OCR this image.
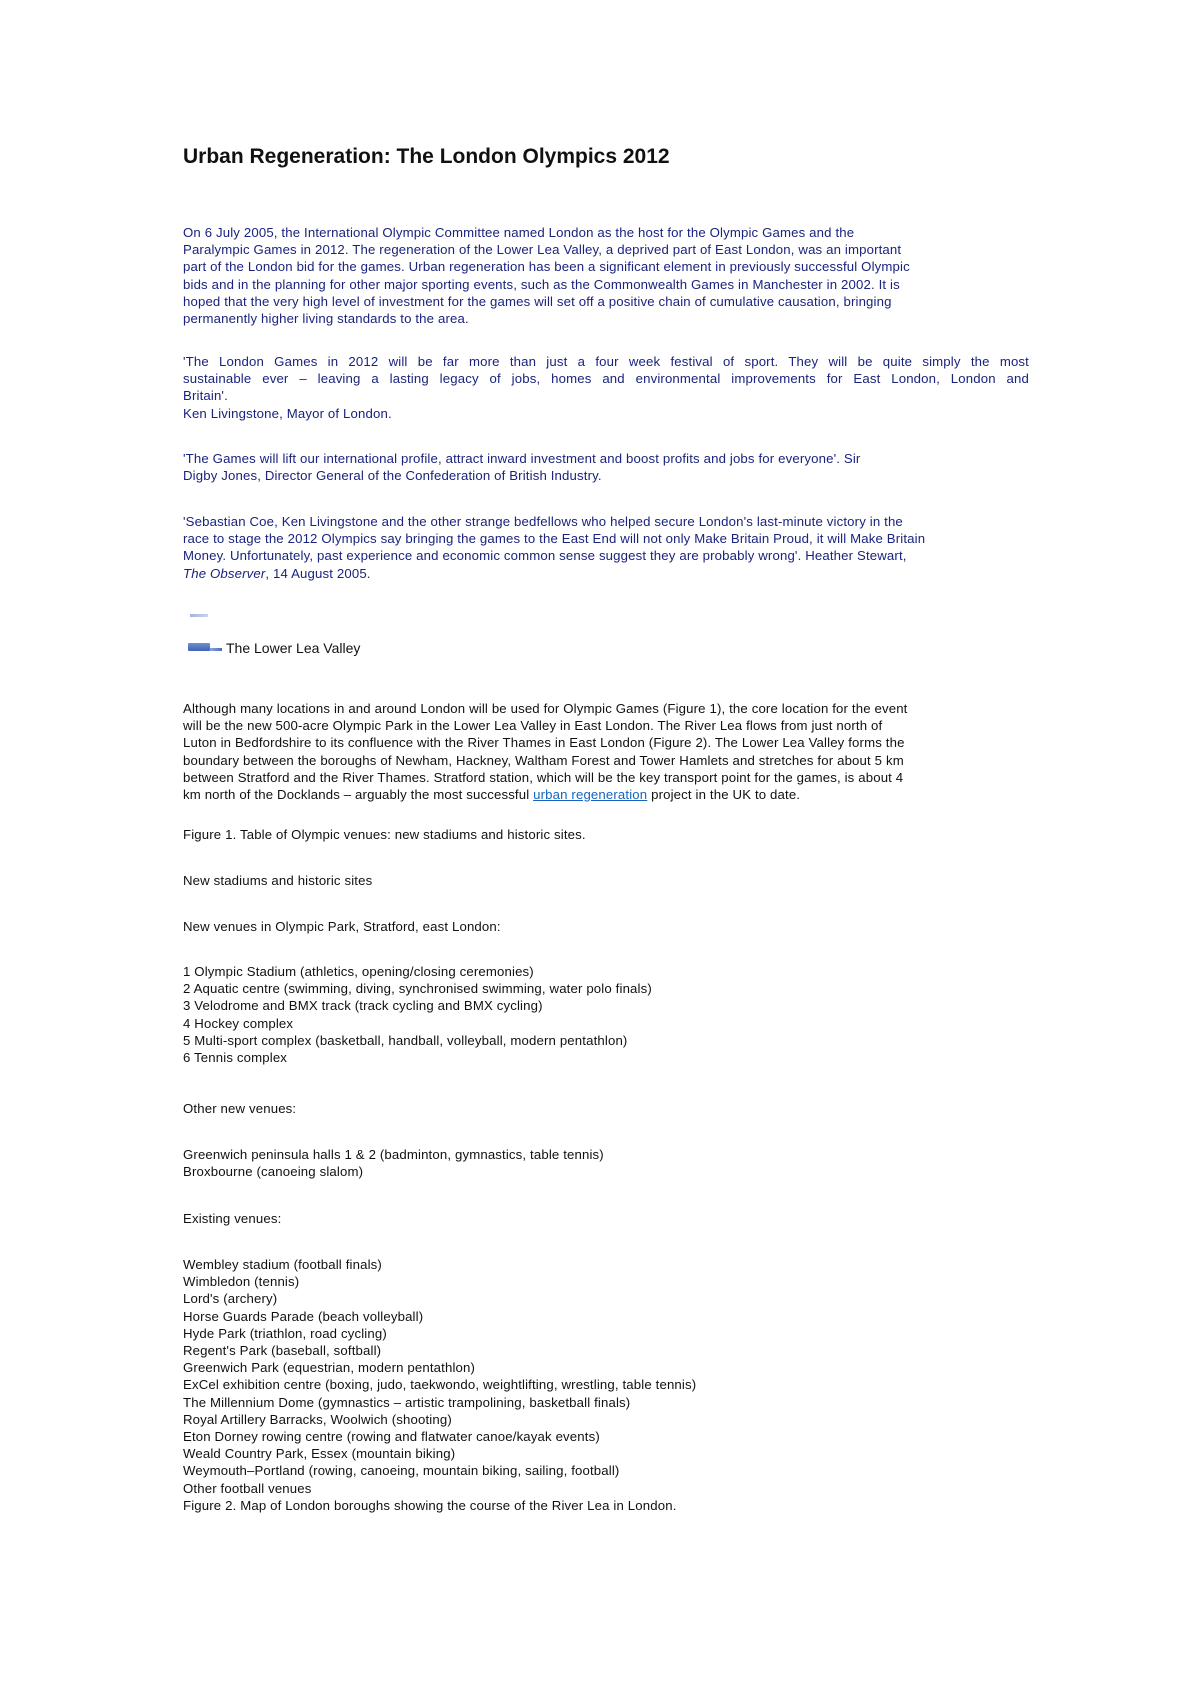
Urban Regeneration: The London Olympics 2012
On 6 July 2005, the International Olympic Committee named London as the host for the Olympic Games and the
Paralympic Games in 2012. The regeneration of the Lower Lea Valley, a deprived part of East London, was an important
part of the London bid for the games. Urban regeneration has been a significant element in previously successful Olympic
bids and in the planning for other major sporting events, such as the Commonwealth Games in Manchester in 2002. It is
hoped that the very high level of investment for the games will set off a positive chain of cumulative causation, bringing
permanently higher living standards to the area.
'The London Games in 2012 will be far more than just a four week festival of sport. They will be quite simply the most
sustainable ever – leaving a lasting legacy of jobs, homes and environmental improvements for East London, London and
Britain'.
Ken Livingstone, Mayor of London.
'The Games will lift our international profile, attract inward investment and boost profits and jobs for everyone'. Sir
Digby Jones, Director General of the Confederation of British Industry.
'Sebastian Coe, Ken Livingstone and the other strange bedfellows who helped secure London's last-minute victory in the
race to stage the 2012 Olympics say bringing the games to the East End will not only Make Britain Proud, it will Make Britain
Money. Unfortunately, past experience and economic common sense suggest they are probably wrong'. Heather Stewart,
The Observer, 14 August 2005.
The Lower Lea Valley
Although many locations in and around London will be used for Olympic Games (Figure 1), the core location for the event
will be the new 500-acre Olympic Park in the Lower Lea Valley in East London. The River Lea flows from just north of
Luton in Bedfordshire to its confluence with the River Thames in East London (Figure 2). The Lower Lea Valley forms the
boundary between the boroughs of Newham, Hackney, Waltham Forest and Tower Hamlets and stretches for about 5 km
between Stratford and the River Thames. Stratford station, which will be the key transport point for the games, is about 4
km north of the Docklands – arguably the most successful urban regeneration project in the UK to date.
Figure 1. Table of Olympic venues: new stadiums and historic sites.
New stadiums and historic sites
New venues in Olympic Park, Stratford, east London:
1 Olympic Stadium (athletics, opening/closing ceremonies)
2 Aquatic centre (swimming, diving, synchronised swimming, water polo finals)
3 Velodrome and BMX track (track cycling and BMX cycling)
4 Hockey complex
5 Multi-sport complex (basketball, handball, volleyball, modern pentathlon)
6 Tennis complex
Other new venues:
Greenwich peninsula halls 1 & 2 (badminton, gymnastics, table tennis)
Broxbourne (canoeing slalom)
Existing venues:
Wembley stadium (football finals)
Wimbledon (tennis)
Lord's (archery)
Horse Guards Parade (beach volleyball)
Hyde Park (triathlon, road cycling)
Regent's Park (baseball, softball)
Greenwich Park (equestrian, modern pentathlon)
ExCel exhibition centre (boxing, judo, taekwondo, weightlifting, wrestling, table tennis)
The Millennium Dome (gymnastics – artistic trampolining, basketball finals)
Royal Artillery Barracks, Woolwich (shooting)
Eton Dorney rowing centre (rowing and flatwater canoe/kayak events)
Weald Country Park, Essex (mountain biking)
Weymouth–Portland (rowing, canoeing, mountain biking, sailing, football)
Other football venues
Figure 2. Map of London boroughs showing the course of the River Lea in London.
